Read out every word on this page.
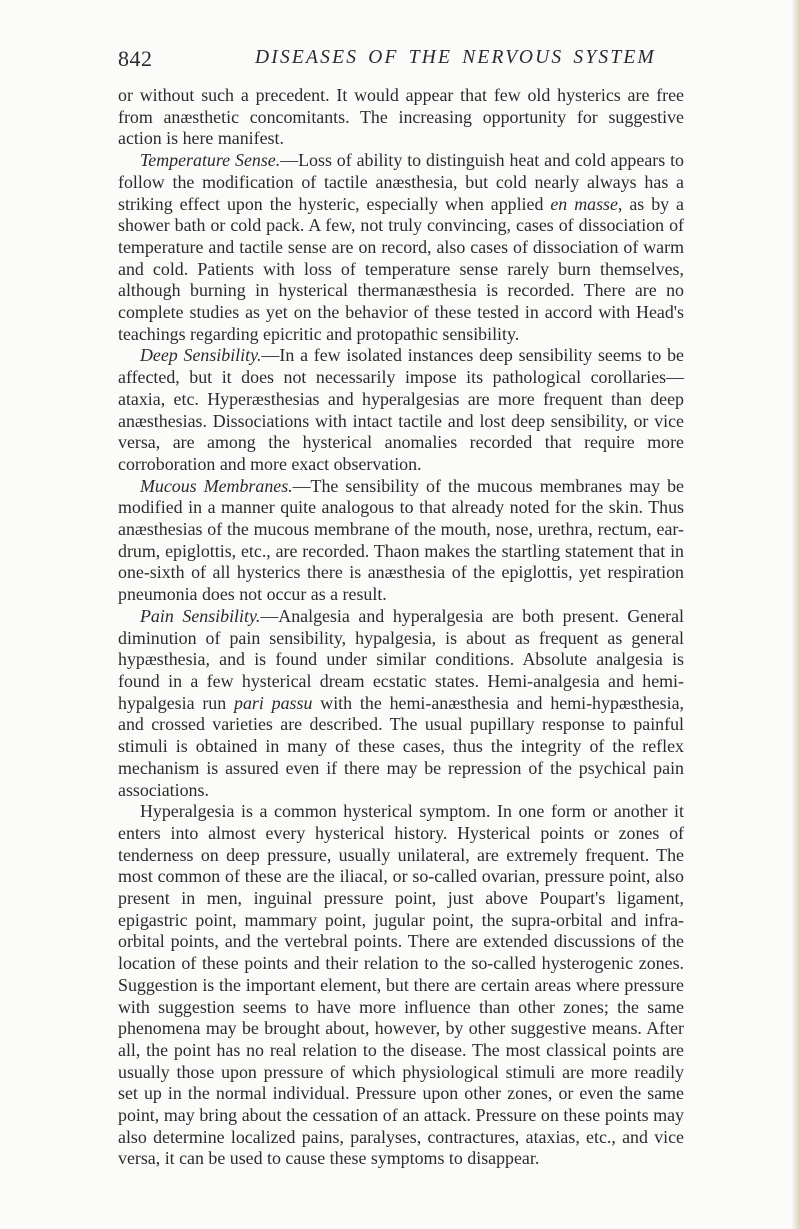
842	DISEASES OF THE NERVOUS SYSTEM

or without such a precedent. It would appear that few old hysterics are free from anæsthetic concomitants. The increasing opportunity for suggestive action is here manifest.

Temperature Sense.—Loss of ability to distinguish heat and cold appears to follow the modification of tactile anæsthesia, but cold nearly always has a striking effect upon the hysteric, especially when applied en masse, as by a shower bath or cold pack. A few, not truly convincing, cases of dissociation of temperature and tactile sense are on record, also cases of dissociation of warm and cold. Patients with loss of temperature sense rarely burn themselves, although burning in hysterical thermanæsthesia is recorded. There are no complete studies as yet on the behavior of these tested in accord with Head's teachings regarding epicritic and protopathic sensibility.

Deep Sensibility.—In a few isolated instances deep sensibility seems to be affected, but it does not necessarily impose its pathological corollaries—ataxia, etc. Hyperæsthesias and hyperalgesias are more frequent than deep anæsthesias. Dissociations with intact tactile and lost deep sensibility, or vice versa, are among the hysterical anomalies recorded that require more corroboration and more exact observation.

Mucous Membranes.—The sensibility of the mucous membranes may be modified in a manner quite analogous to that already noted for the skin. Thus anæsthesias of the mucous membrane of the mouth, nose, urethra, rectum, ear-drum, epiglottis, etc., are recorded. Thaon makes the startling statement that in one-sixth of all hysterics there is anæsthesia of the epiglottis, yet respiration pneumonia does not occur as a result.

Pain Sensibility.—Analgesia and hyperalgesia are both present. General diminution of pain sensibility, hypalgesia, is about as frequent as general hypæsthesia, and is found under similar conditions. Absolute analgesia is found in a few hysterical dream ecstatic states. Hemi-analgesia and hemi-hypalgesia run pari passu with the hemi-anæsthesia and hemi-hypæsthesia, and crossed varieties are described. The usual pupillary response to painful stimuli is obtained in many of these cases, thus the integrity of the reflex mechanism is assured even if there may be repression of the psychical pain associations.

Hyperalgesia is a common hysterical symptom. In one form or another it enters into almost every hysterical history. Hysterical points or zones of tenderness on deep pressure, usually unilateral, are extremely frequent. The most common of these are the iliacal, or so-called ovarian, pressure point, also present in men, inguinal pressure point, just above Poupart's ligament, epigastric point, mammary point, jugular point, the supra-orbital and infra-orbital points, and the vertebral points. There are extended discussions of the location of these points and their relation to the so-called hysterogenic zones. Suggestion is the important element, but there are certain areas where pressure with suggestion seems to have more influence than other zones; the same phenomena may be brought about, however, by other suggestive means. After all, the point has no real relation to the disease. The most classical points are usually those upon pressure of which physiological stimuli are more readily set up in the normal individual. Pressure upon other zones, or even the same point, may bring about the cessation of an attack. Pressure on these points may also determine localized pains, paralyses, contractures, ataxias, etc., and vice versa, it can be used to cause these symptoms to disappear.
